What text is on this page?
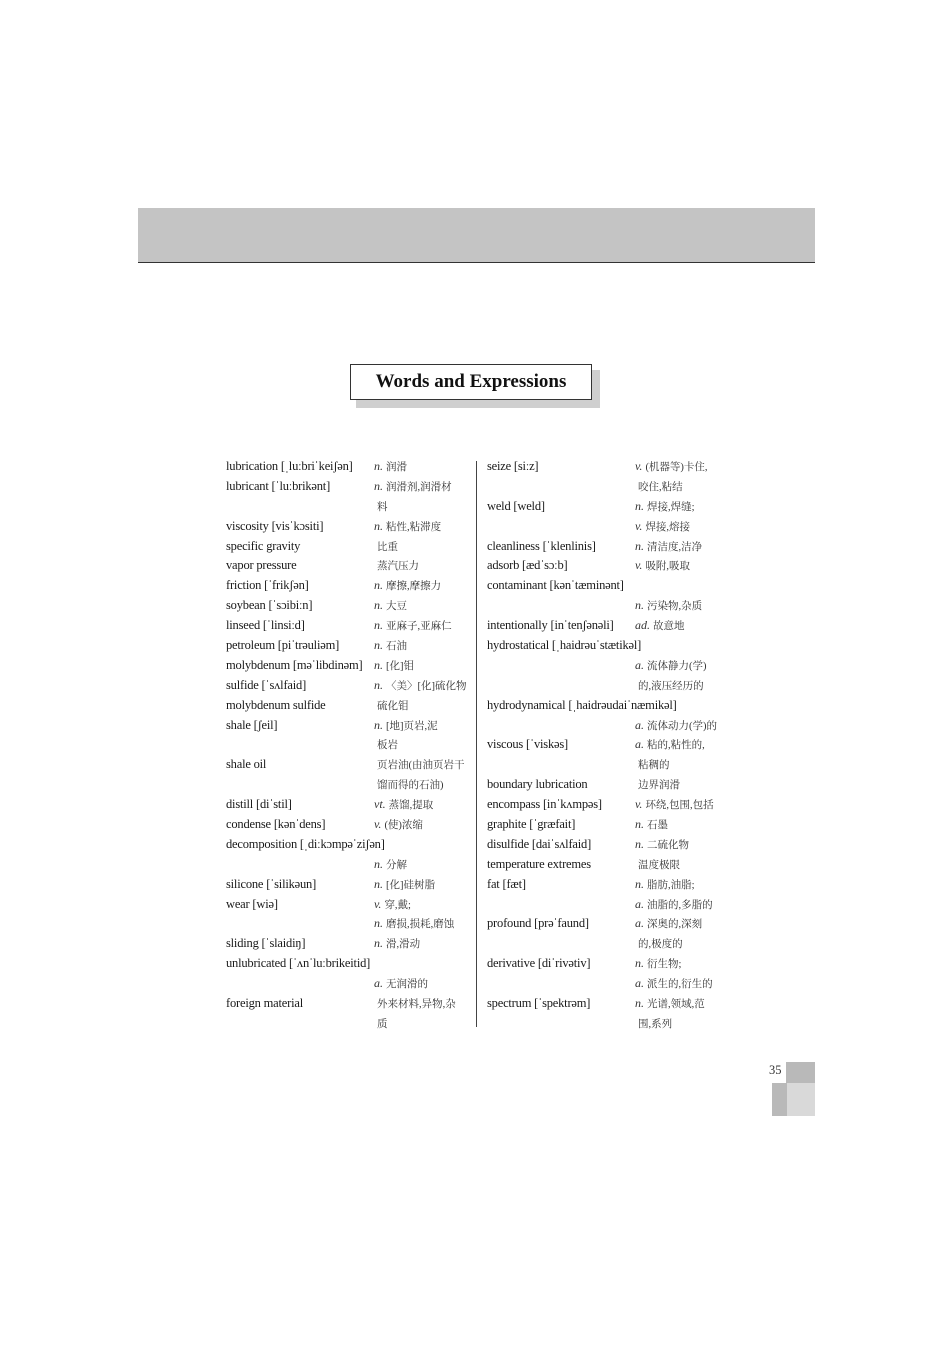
Words and Expressions
lubrication [ˌluːbriˈkeiʃən] n. 润滑
lubricant [ˈluːbrikənt]	n. 润滑剂,润滑材
料
viscosity [visˈkɔsiti]	n. 粘性,粘滞度
specific gravity	比重
vapor pressure	蒸汽压力
friction [ˈfrikʃən]	n. 摩擦,摩擦力
soybean [ˈsɔibiːn]	n. 大豆
linseed [ˈlinsiːd]	n. 亚麻子,亚麻仁
petroleum [piˈtrəuliəm]	n. 石油
molybdenum [məˈlibdinəm] n. [化]钼
sulfide [ˈsʌlfaid]	n. 〈美〉[化]硫化物
molybdenum sulfide	硫化钼
shale [ʃeil]	n. [地]页岩,泥
板岩
shale oil	页岩油(由油页岩干
馏而得的石油)
distill [diˈstil]	vt. 蒸馏,提取
condense [kənˈdens]	v. (使)浓缩
decomposition [ˌdiːkɔmpəˈziʃən]
n. 分解
silicone [ˈsilikəun]	n. [化]硅树脂
wear [wiə]	v. 穿,戴;
n. 磨损,损耗,磨蚀
sliding [ˈslaidiŋ]	n. 滑,滑动
unlubricated [ˈʌnˈluːbrikeitid]
a. 无润滑的
foreign material	外来材料,异物,杂
质
seize [siːz]	v. (机器等)卡住,
咬住,粘结
weld [weld]	n. 焊接,焊缝;
v. 焊接,熔接
cleanliness [ˈklenlinis]	n. 清洁度,洁净
adsorb [ædˈsɔːb]	v. 吸附,吸取
contaminant [kənˈtæminənt]
n. 污染物,杂质
intentionally [inˈtenʃənəli] ad. 故意地
hydrostatical [ˌhaidrəuˈstætikəl]
a. 流体静力(学)
的,液压经历的
hydrodynamical [ˌhaidrəudaiˈnæmikəl]
a. 流体动力(学)的
viscous [ˈviskəs]	a. 粘的,粘性的,
粘稠的
boundary lubrication	边界润滑
encompass [inˈkʌmpəs]	v. 环绕,包围,包括
graphite [ˈgræfait]	n. 石墨
disulfide [daiˈsʌlfaid]	n. 二硫化物
temperature extremes	温度极限
fat [fæt]	n. 脂肪,油脂;
a. 油脂的,多脂的
profound [prəˈfaund]	a. 深奥的,深刻
的,极度的
derivative [diˈrivətiv]	n. 衍生物;
a. 派生的,衍生的
spectrum [ˈspektrəm]	n. 光谱,领域,范
围,系列
35
